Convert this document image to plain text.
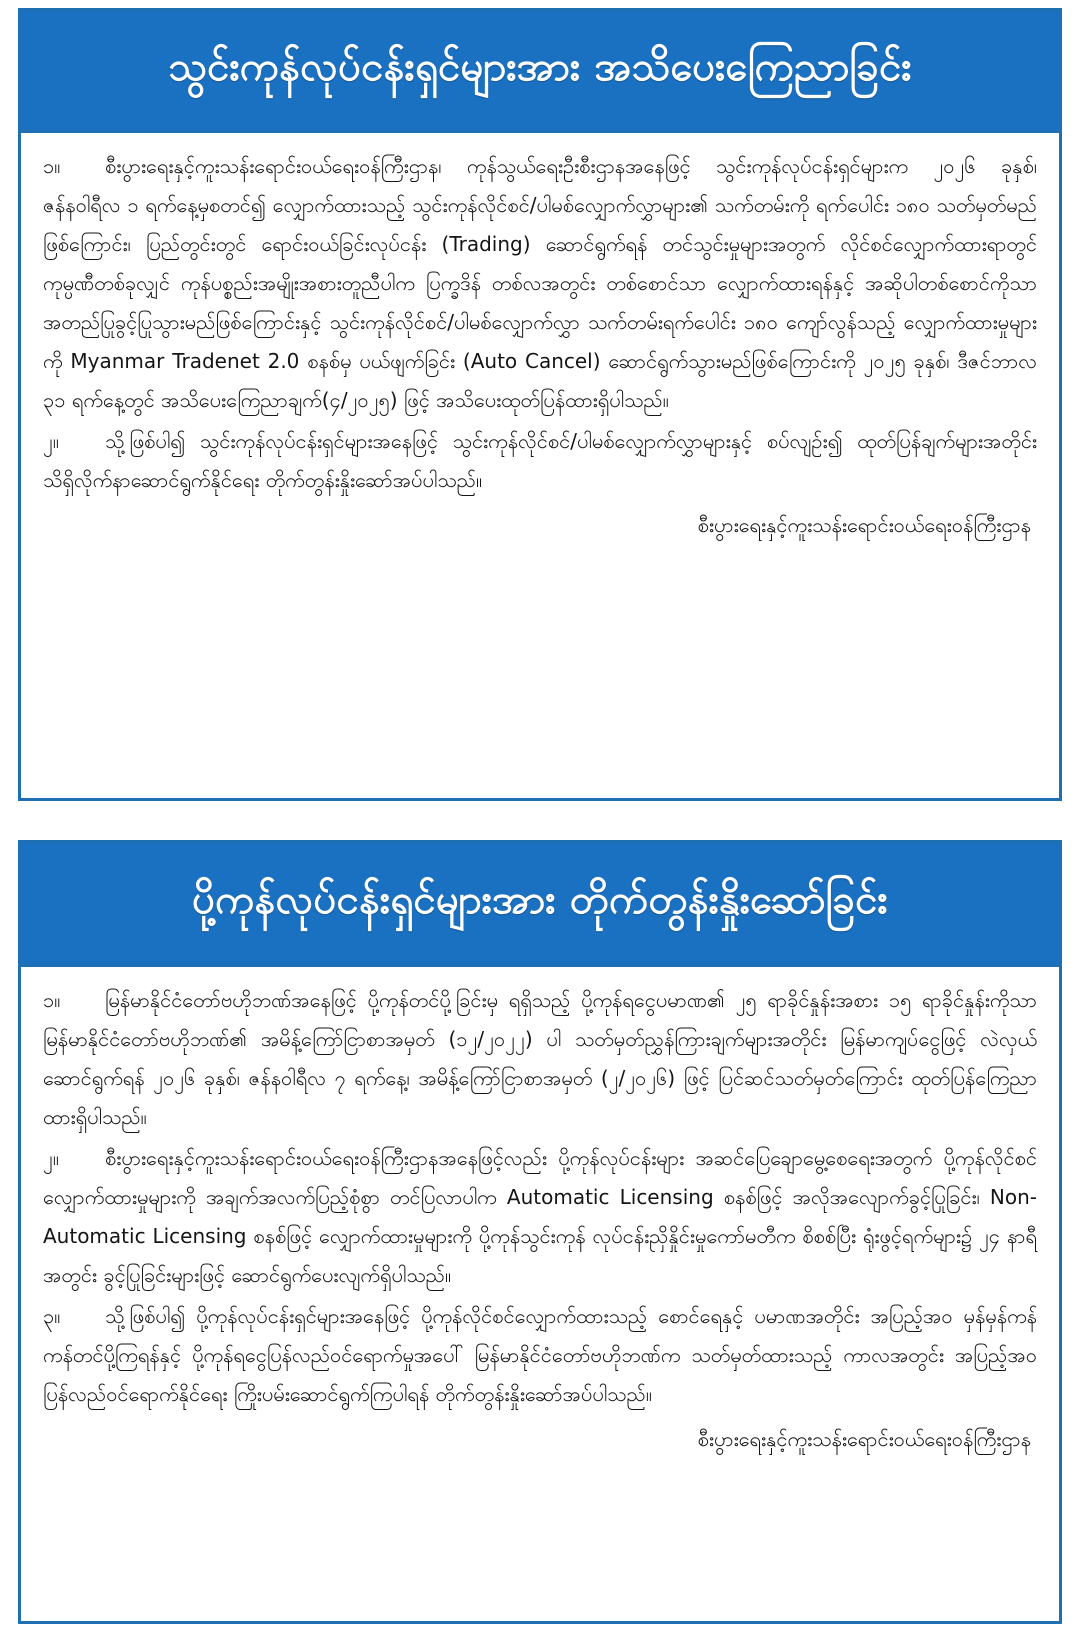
သွင်းကုန်လုပ်ငန်းရှင်များအား အသိပေးကြေညာခြင်း

၁။ စီးပွားရေးနှင့်ကူးသန်းရောင်းဝယ်ရေးဝန်ကြီးဌာန၊ ကုန်သွယ်ရေးဦးစီးဌာနအနေဖြင့် သွင်းကုန်လုပ်ငန်းရှင်များက ၂၀၂၆ ခုနှစ်၊ ဇန်နဝါရီလ ၁ ရက်နေ့မှစတင်၍ လျှောက်ထားသည့် သွင်းကုန်လိုင်စင်/ပါမစ်လျှောက်လွှာများ၏ သက်တမ်းကို ရက်ပေါင်း ၁၈၀ သတ်မှတ်မည်ဖြစ်ကြောင်း၊ ပြည်တွင်းတွင် ရောင်းဝယ်ခြင်းလုပ်ငန်း (Trading) ဆောင်ရွက်ရန် တင်သွင်းမှုများအတွက် လိုင်စင်လျှောက်ထားရာတွင် ကုမ္ပဏီတစ်ခုလျှင် ကုန်ပစ္စည်းအမျိုးအစားတူညီပါက ပြက္ခဒိန် တစ်လအတွင်း တစ်စောင်သာ လျှောက်ထားရန်နှင့် အဆိုပါတစ်စောင်ကိုသာ အတည်ပြုခွင့်ပြုသွားမည်ဖြစ်ကြောင်းနှင့် သွင်းကုန်လိုင်စင်/ပါမစ်လျှောက်လွှာ သက်တမ်းရက်ပေါင်း ၁၈၀ ကျော်လွန်သည့် လျှောက်ထားမှုများကို Myanmar Tradenet 2.0 စနစ်မှ ပယ်ဖျက်ခြင်း (Auto Cancel) ဆောင်ရွက်သွားမည်ဖြစ်ကြောင်းကို ၂၀၂၅ ခုနှစ်၊ ဒီဇင်ဘာလ ၃၁ ရက်နေ့တွင် အသိပေးကြေညာချက်(၄/၂၀၂၅) ဖြင့် အသိပေးထုတ်ပြန်ထားရှိပါသည်။

၂။ သို့ဖြစ်ပါ၍ သွင်းကုန်လုပ်ငန်းရှင်များအနေဖြင့် သွင်းကုန်လိုင်စင်/ပါမစ်လျှောက်လွှာများနှင့် စပ်လျဉ်း၍ ထုတ်ပြန်ချက်များအတိုင်း သိရှိလိုက်နာဆောင်ရွက်နိုင်ရေး တိုက်တွန်းနှိုးဆော်အပ်ပါသည်။

စီးပွားရေးနှင့်ကူးသန်းရောင်းဝယ်ရေးဝန်ကြီးဌာန
ပို့ကုန်လုပ်ငန်းရှင်များအား တိုက်တွန်းနှိုးဆော်ခြင်း

၁။ မြန်မာနိုင်ငံတော်ဗဟိုဘဏ်အနေဖြင့် ပို့ကုန်တင်ပို့ခြင်းမှ ရရှိသည့် ပို့ကုန်ရငွေပမာဏ၏ ၂၅ ရာခိုင်နှုန်းအစား ၁၅ ရာခိုင်နှုန်းကိုသာ မြန်မာနိုင်ငံတော်ဗဟိုဘဏ်၏ အမိန့်ကြော်ငြာစာအမှတ် (၁၂/၂၀၂၂) ပါ သတ်မှတ်ညွှန်ကြားချက်များအတိုင်း မြန်မာကျပ်ငွေဖြင့် လဲလှယ်ဆောင်ရွက်ရန် ၂၀၂၆ ခုနှစ်၊ ဇန်နဝါရီလ ၇ ရက်နေ့၊ အမိန့်ကြော်ငြာစာအမှတ် (၂/၂၀၂၆) ဖြင့် ပြင်ဆင်သတ်မှတ်ကြောင်း ထုတ်ပြန်ကြေညာထားရှိပါသည်။

၂။ စီးပွားရေးနှင့်ကူးသန်းရောင်းဝယ်ရေးဝန်ကြီးဌာနအနေဖြင့်လည်း ပို့ကုန်လုပ်ငန်းများ အဆင်ပြေချောမွေ့စေရေးအတွက် ပို့ကုန်လိုင်စင်လျှောက်ထားမှုများကို အချက်အလက်ပြည့်စုံစွာ တင်ပြလာပါက Automatic Licensing စနစ်ဖြင့် အလိုအလျောက်ခွင့်ပြုခြင်း၊ Non-Automatic Licensing စနစ်ဖြင့် လျှောက်ထားမှုများကို ပို့ကုန်သွင်းကုန် လုပ်ငန်းညှိနှိုင်းမှုကော်မတီက စိစစ်ပြီး ရုံးဖွင့်ရက်များ၌ ၂၄ နာရီအတွင်း ခွင့်ပြုခြင်းများဖြင့် ဆောင်ရွက်ပေးလျက်ရှိပါသည်။

၃။ သို့ဖြစ်ပါ၍ ပို့ကုန်လုပ်ငန်းရှင်များအနေဖြင့် ပို့ကုန်လိုင်စင်လျှောက်ထားသည့် စောင်ရေနှင့် ပမာဏအတိုင်း အပြည့်အဝ မှန်မှန်ကန်ကန်တင်ပို့ကြရန်နှင့် ပို့ကုန်ရငွေပြန်လည်ဝင်ရောက်မှုအပေါ် မြန်မာနိုင်ငံတော်ဗဟိုဘဏ်က သတ်မှတ်ထားသည့် ကာလအတွင်း အပြည့်အဝပြန်လည်ဝင်ရောက်နိုင်ရေး ကြိုးပမ်းဆောင်ရွက်ကြပါရန် တိုက်တွန်းနှိုးဆော်အပ်ပါသည်။

စီးပွားရေးနှင့်ကူးသန်းရောင်းဝယ်ရေးဝန်ကြီးဌာန
